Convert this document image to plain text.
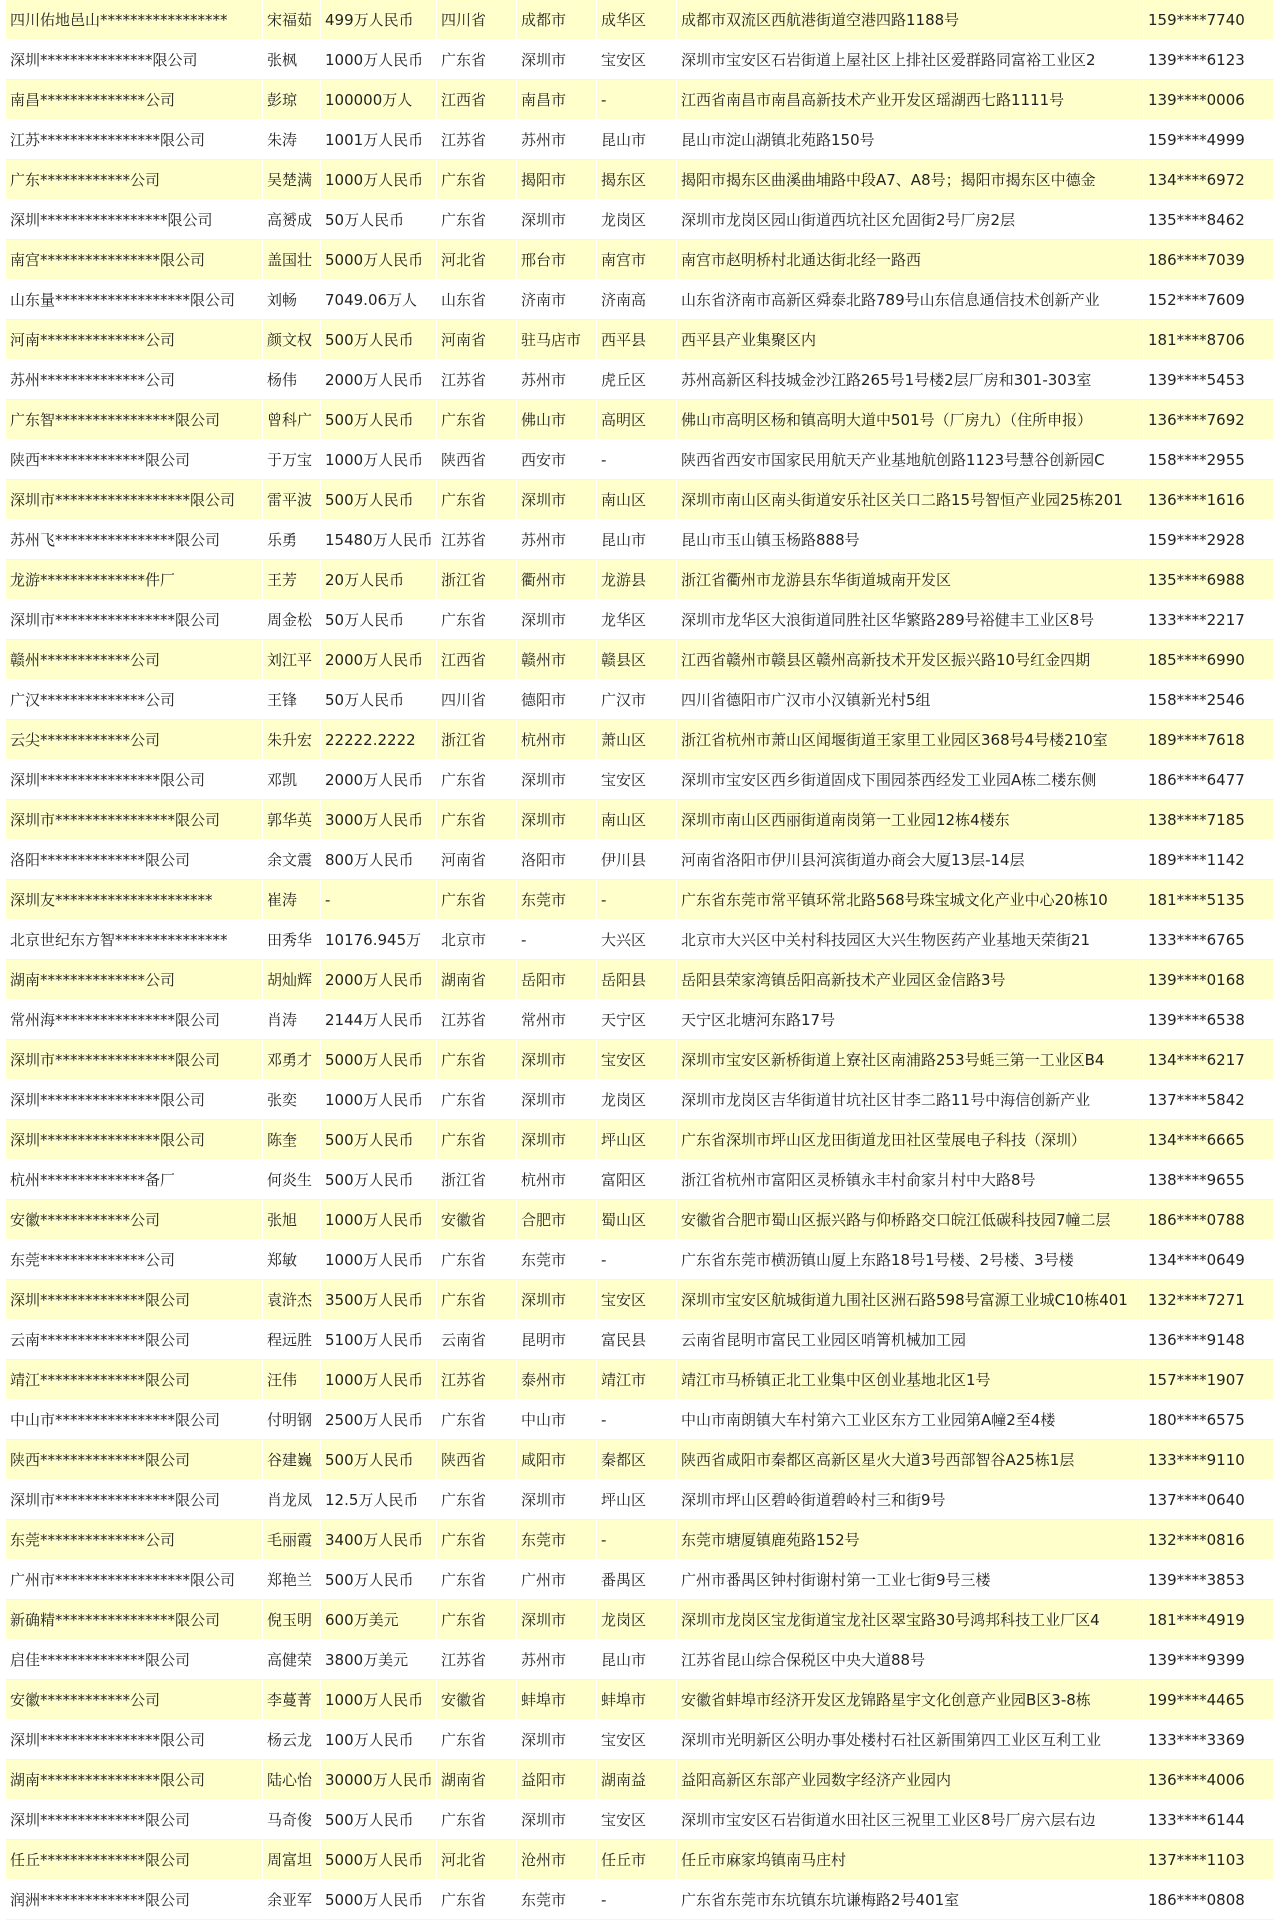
四川佑地邑山*****************	宋福茹	499万人民币	四川省	成都市	成华区	成都市双流区西航港街道空港四路1188号	159****7740
深圳***************限公司	张枫	1000万人民币	广东省	深圳市	宝安区	深圳市宝安区石岩街道上屋社区上排社区爱群路同富裕工业区2	139****6123
南昌**************公司	彭琼	100000万人	江西省	南昌市	-	江西省南昌市南昌高新技术产业开发区瑶湖西七路1111号	139****0006
江苏****************限公司	朱涛	1001万人民币	江苏省	苏州市	昆山市	昆山市淀山湖镇北苑路150号	159****4999
广东************公司	吴楚满	1000万人民币	广东省	揭阳市	揭东区	揭阳市揭东区曲溪曲埔路中段A7、A8号；揭阳市揭东区中德金	134****6972
深圳*****************限公司	高赟成	50万人民币	广东省	深圳市	龙岗区	深圳市龙岗区园山街道西坑社区允固街2号厂房2层	135****8462
南宫****************限公司	盖国壮	5000万人民币	河北省	邢台市	南宫市	南宫市赵明桥村北通达街北经一路西	186****7039
山东量******************限公司	刘畅	7049.06万人	山东省	济南市	济南高	山东省济南市高新区舜泰北路789号山东信息通信技术创新产业	152****7609
河南**************公司	颜文权	500万人民币	河南省	驻马店市	西平县	西平县产业集聚区内	181****8706
苏州**************公司	杨伟	2000万人民币	江苏省	苏州市	虎丘区	苏州高新区科技城金沙江路265号1号楼2层厂房和301-303室	139****5453
广东智****************限公司	曾科广	500万人民币	广东省	佛山市	高明区	佛山市高明区杨和镇高明大道中501号（厂房九）（住所申报）	136****7692
陕西**************限公司	于万宝	1000万人民币	陕西省	西安市	-	陕西省西安市国家民用航天产业基地航创路1123号慧谷创新园C	158****2955
深圳市******************限公司	雷平波	500万人民币	广东省	深圳市	南山区	深圳市南山区南头街道安乐社区关口二路15号智恒产业园25栋201	136****1616
苏州飞****************限公司	乐勇	15480万人民币	江苏省	苏州市	昆山市	昆山市玉山镇玉杨路888号	159****2928
龙游**************件厂	王芳	20万人民币	浙江省	衢州市	龙游县	浙江省衢州市龙游县东华街道城南开发区	135****6988
深圳市****************限公司	周金松	50万人民币	广东省	深圳市	龙华区	深圳市龙华区大浪街道同胜社区华繁路289号裕健丰工业区8号	133****2217
赣州************公司	刘江平	2000万人民币	江西省	赣州市	赣县区	江西省赣州市赣县区赣州高新技术开发区振兴路10号红金四期	185****6990
广汉**************公司	王锋	50万人民币	四川省	德阳市	广汉市	四川省德阳市广汉市小汉镇新光村5组	158****2546
云尖************公司	朱升宏	22222.2222	浙江省	杭州市	萧山区	浙江省杭州市萧山区闻堰街道王家里工业园区368号4号楼210室	189****7618
深圳****************限公司	邓凯	2000万人民币	广东省	深圳市	宝安区	深圳市宝安区西乡街道固戍下围园茶西经发工业园A栋二楼东侧	186****6477
深圳市****************限公司	郭华英	3000万人民币	广东省	深圳市	南山区	深圳市南山区西丽街道南岗第一工业园12栋4楼东	138****7185
洛阳**************限公司	余文震	800万人民币	河南省	洛阳市	伊川县	河南省洛阳市伊川县河滨街道办商会大厦13层-14层	189****1142
深圳友*********************	崔涛	-	广东省	东莞市	-	广东省东莞市常平镇环常北路568号珠宝城文化产业中心20栋10	181****5135
北京世纪东方智***************	田秀华	10176.945万	北京市	-	大兴区	北京市大兴区中关村科技园区大兴生物医药产业基地天荣街21	133****6765
湖南**************公司	胡灿辉	2000万人民币	湖南省	岳阳市	岳阳县	岳阳县荣家湾镇岳阳高新技术产业园区金信路3号	139****0168
常州海****************限公司	肖涛	2144万人民币	江苏省	常州市	天宁区	天宁区北塘河东路17号	139****6538
深圳市****************限公司	邓勇才	5000万人民币	广东省	深圳市	宝安区	深圳市宝安区新桥街道上寮社区南浦路253号蚝三第一工业区B4	134****6217
深圳****************限公司	张奕	1000万人民币	广东省	深圳市	龙岗区	深圳市龙岗区吉华街道甘坑社区甘李二路11号中海信创新产业	137****5842
深圳****************限公司	陈奎	500万人民币	广东省	深圳市	坪山区	广东省深圳市坪山区龙田街道龙田社区莹展电子科技（深圳）	134****6665
杭州**************备厂	何炎生	500万人民币	浙江省	杭州市	富阳区	浙江省杭州市富阳区灵桥镇永丰村俞家爿村中大路8号	138****9655
安徽************公司	张旭	1000万人民币	安徽省	合肥市	蜀山区	安徽省合肥市蜀山区振兴路与仰桥路交口皖江低碳科技园7幢二层	186****0788
东莞**************公司	郑敏	1000万人民币	广东省	东莞市	-	广东省东莞市横沥镇山厦上东路18号1号楼、2号楼、3号楼	134****0649
深圳**************限公司	袁浒杰	3500万人民币	广东省	深圳市	宝安区	深圳市宝安区航城街道九围社区洲石路598号富源工业城C10栋401	132****7271
云南**************限公司	程远胜	5100万人民币	云南省	昆明市	富民县	云南省昆明市富民工业园区哨箐机械加工园	136****9148
靖江**************限公司	汪伟	1000万人民币	江苏省	泰州市	靖江市	靖江市马桥镇正北工业集中区创业基地北区1号	157****1907
中山市****************限公司	付明钢	2500万人民币	广东省	中山市	-	中山市南朗镇大车村第六工业区东方工业园第A幢2至4楼	180****6575
陕西**************限公司	谷建巍	500万人民币	陕西省	咸阳市	秦都区	陕西省咸阳市秦都区高新区星火大道3号西部智谷A25栋1层	133****9110
深圳市****************限公司	肖龙凤	12.5万人民币	广东省	深圳市	坪山区	深圳市坪山区碧岭街道碧岭村三和街9号	137****0640
东莞**************公司	毛丽霞	3400万人民币	广东省	东莞市	-	东莞市塘厦镇鹿苑路152号	132****0816
广州市******************限公司	郑艳兰	500万人民币	广东省	广州市	番禺区	广州市番禺区钟村街谢村第一工业七街9号三楼	139****3853
新确精****************限公司	倪玉明	600万美元	广东省	深圳市	龙岗区	深圳市龙岗区宝龙街道宝龙社区翠宝路30号鸿邦科技工业厂区4	181****4919
启佳**************限公司	高健荣	3800万美元	江苏省	苏州市	昆山市	江苏省昆山综合保税区中央大道88号	139****9399
安徽************公司	李蔓菁	1000万人民币	安徽省	蚌埠市	蚌埠市	安徽省蚌埠市经济开发区龙锦路星宇文化创意产业园B区3-8栋	199****4465
深圳****************限公司	杨云龙	100万人民币	广东省	深圳市	宝安区	深圳市光明新区公明办事处楼村石社区新围第四工业区互利工业	133****3369
湖南****************限公司	陆心怡	30000万人民币	湖南省	益阳市	湖南益	益阳高新区东部产业园数字经济产业园内	136****4006
深圳**************限公司	马奇俊	500万人民币	广东省	深圳市	宝安区	深圳市宝安区石岩街道水田社区三祝里工业区8号厂房六层右边	133****6144
任丘**************限公司	周富坦	5000万人民币	河北省	沧州市	任丘市	任丘市麻家坞镇南马庄村	137****1103
润洲**************限公司	余亚军	5000万人民币	广东省	东莞市	-	广东省东莞市东坑镇东坑谦梅路2号401室	186****0808
